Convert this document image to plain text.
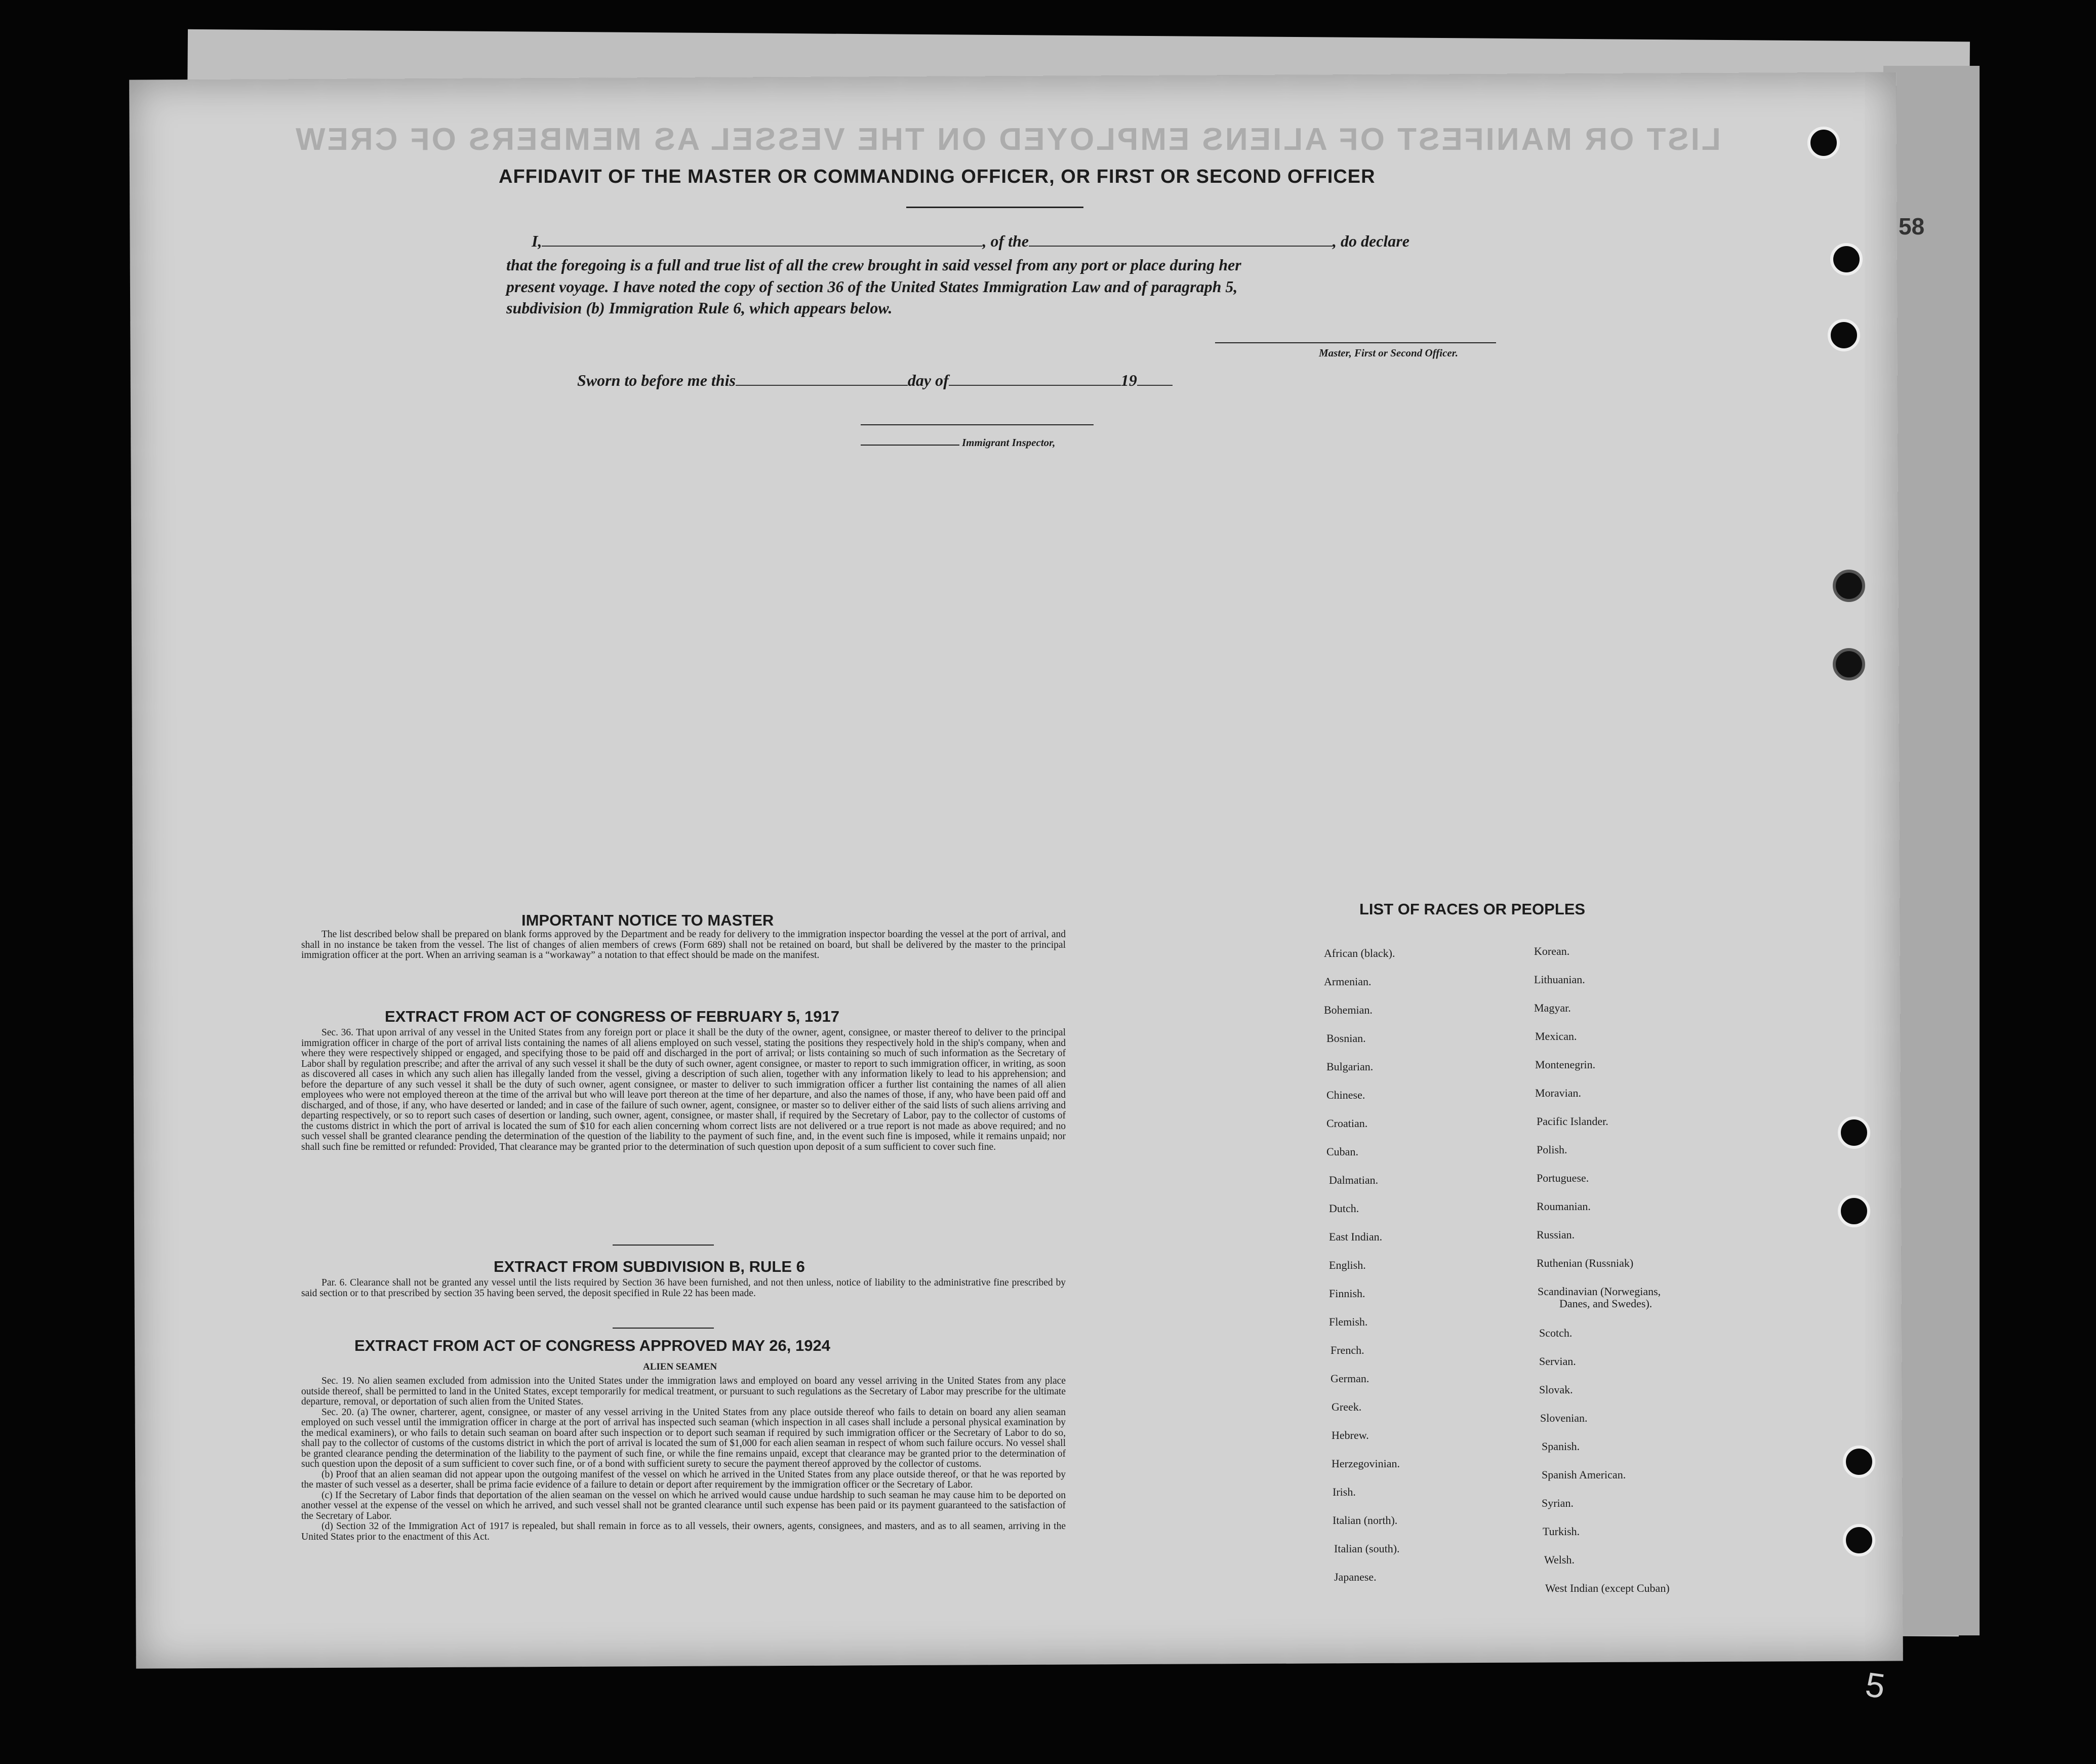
LIST OR MANIFEST OF ALIENS EMPLOYED ON THE VESSEL AS MEMBERS OF CREW
58
AFFIDAVIT OF THE MASTER OR COMMANDING OFFICER, OR FIRST OR SECOND OFFICER
I,	, of the	, do declare
that the foregoing is a full and true list of all the crew brought in said vessel from any port or place during her
present voyage. I have noted the copy of section 36 of the United States Immigration Law and of paragraph 5,
subdivision (b) Immigration Rule 6, which appears below.
Master, First or Second Officer.
Sworn to before me this	day of	19
Immigrant Inspector,
IMPORTANT NOTICE TO MASTER

The list described below shall be prepared on blank forms approved by the Department and be ready for delivery to the immigration inspector boarding the vessel at the port of arrival, and shall in no instance be taken from the vessel. The list of changes of alien members of crews (Form 689) shall not be retained on board, but shall be delivered by the master to the principal immigration officer at the port. When an arriving seaman is a “workaway” a notation to that effect should be made on the manifest.

EXTRACT FROM ACT OF CONGRESS OF FEBRUARY 5, 1917

Sec. 36. That upon arrival of any vessel in the United States from any foreign port or place it shall be the duty of the owner, agent, consignee, or master thereof to deliver to the principal immigration officer in charge of the port of arrival lists containing the names of all aliens employed on such vessel, stating the positions they respectively hold in the ship's company, when and where they were respectively shipped or engaged, and specifying those to be paid off and discharged in the port of arrival; or lists containing so much of such information as the Secretary of Labor shall by regulation prescribe; and after the arrival of any such vessel it shall be the duty of such owner, agent consignee, or master to report to such immigration officer, in writing, as soon as discovered all cases in which any such alien has illegally landed from the vessel, giving a description of such alien, together with any information likely to lead to his apprehension; and before the departure of any such vessel it shall be the duty of such owner, agent consignee, or master to deliver to such immigration officer a further list containing the names of all alien employees who were not employed thereon at the time of the arrival but who will leave port thereon at the time of her departure, and also the names of those, if any, who have been paid off and discharged, and of those, if any, who have deserted or landed; and in case of the failure of such owner, agent, consignee, or master so to deliver either of the said lists of such aliens arriving and departing respectively, or so to report such cases of desertion or landing, such owner, agent, consignee, or master shall, if required by the Secretary of Labor, pay to the collector of customs of the customs district in which the port of arrival is located the sum of $10 for each alien concerning whom correct lists are not delivered or a true report is not made as above required; and no such vessel shall be granted clearance pending the determination of the question of the liability to the payment of such fine, and, in the event such fine is imposed, while it remains unpaid; nor shall such fine be remitted or refunded: Provided, That clearance may be granted prior to the determination of such question upon deposit of a sum sufficient to cover such fine.

EXTRACT FROM SUBDIVISION B, RULE 6

Par. 6. Clearance shall not be granted any vessel until the lists required by Section 36 have been furnished, and not then unless, notice of liability to the administrative fine prescribed by said section or to that prescribed by section 35 having been served, the deposit specified in Rule 22 has been made.

EXTRACT FROM ACT OF CONGRESS APPROVED MAY 26, 1924
ALIEN SEAMEN

Sec. 19. No alien seamen excluded from admission into the United States under the immigration laws and employed on board any vessel arriving in the United States from any place outside thereof, shall be permitted to land in the United States, except temporarily for medical treatment, or pursuant to such regulations as the Secretary of Labor may prescribe for the ultimate departure, removal, or deportation of such alien from the United States.

Sec. 20. (a) The owner, charterer, agent, consignee, or master of any vessel arriving in the United States from any place outside thereof who fails to detain on board any alien seaman employed on such vessel until the immigration officer in charge at the port of arrival has inspected such seaman (which inspection in all cases shall include a personal physical examination by the medical examiners), or who fails to detain such seaman on board after such inspection or to deport such seaman if required by such immigration officer or the Secretary of Labor to do so, shall pay to the collector of customs of the customs district in which the port of arrival is located the sum of $1,000 for each alien seaman in respect of whom such failure occurs. No vessel shall be granted clearance pending the determination of the liability to the payment of such fine, or while the fine remains unpaid, except that clearance may be granted prior to the determination of such question upon the deposit of a sum sufficient to cover such fine, or of a bond with sufficient surety to secure the payment thereof approved by the collector of customs.

(b) Proof that an alien seaman did not appear upon the outgoing manifest of the vessel on which he arrived in the United States from any place outside thereof, or that he was reported by the master of such vessel as a deserter, shall be prima facie evidence of a failure to detain or deport after requirement by the immigration officer or the Secretary of Labor.

(c) If the Secretary of Labor finds that deportation of the alien seaman on the vessel on which he arrived would cause undue hardship to such seaman he may cause him to be deported on another vessel at the expense of the vessel on which he arrived, and such vessel shall not be granted clearance until such expense has been paid or its payment guaranteed to the satisfaction of the Secretary of Labor.

(d) Section 32 of the Immigration Act of 1917 is repealed, but shall remain in force as to all vessels, their owners, agents, consignees, and masters, and as to all seamen, arriving in the United States prior to the enactment of this Act.

LIST OF RACES OR PEOPLES
African (black).
Armenian.
Bohemian.
Bosnian.
Bulgarian.
Chinese.
Croatian.
Cuban.
Dalmatian.
Dutch.
East Indian.
English.
Finnish.
Flemish.
French.
German.
Greek.
Hebrew.
Herzegovinian.
Irish.
Italian (north).
Italian (south).
Japanese.
Korean.
Lithuanian.
Magyar.
Mexican.
Montenegrin.
Moravian.
Pacific Islander.
Polish.
Portuguese.
Roumanian.
Russian.
Ruthenian (Russniak)
Scandinavian (Norwegians,
Danes, and Swedes).
Scotch.
Servian.
Slovak.
Slovenian.
Spanish.
Spanish American.
Syrian.
Turkish.
Welsh.
West Indian (except Cuban)
5
